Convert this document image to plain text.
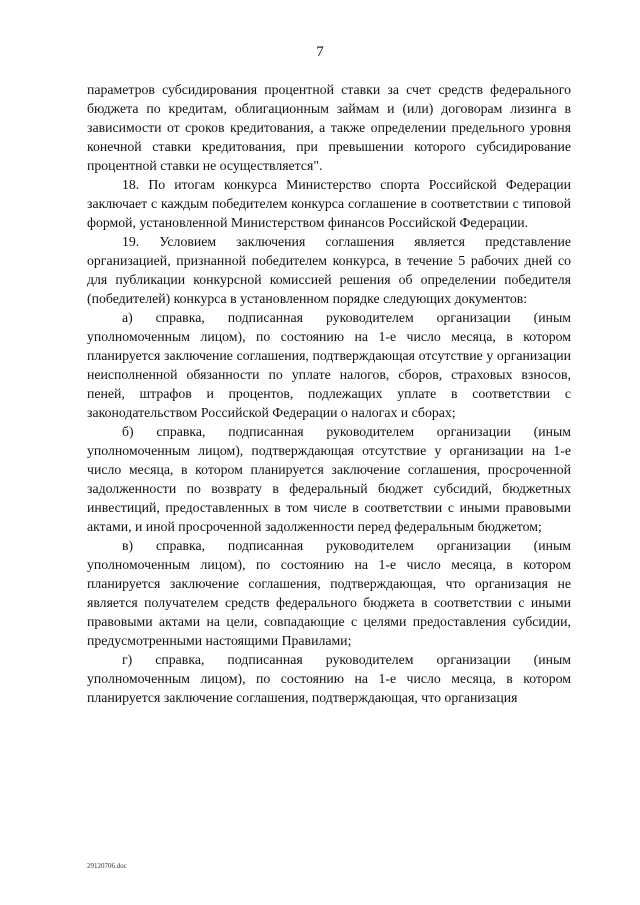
7

параметров субсидирования процентной ставки за счет средств федерального бюджета по кредитам, облигационным займам и (или) договорам лизинга в зависимости от сроков кредитования, а также определении предельного уровня конечной ставки кредитования, при превышении которого субсидирование процентной ставки не осуществляется".

18. По итогам конкурса Министерство спорта Российской Федерации заключает с каждым победителем конкурса соглашение в соответствии с типовой формой, установленной Министерством финансов Российской Федерации.

19. Условием заключения соглашения является представление организацией, признанной победителем конкурса, в течение 5 рабочих дней со для публикации конкурсной комиссией решения об определении победителя (победителей) конкурса в установленном порядке следующих документов:

а) справка, подписанная руководителем организации (иным уполномоченным лицом), по состоянию на 1-е число месяца, в котором планируется заключение соглашения, подтверждающая отсутствие у организации неисполненной обязанности по уплате налогов, сборов, страховых взносов, пеней, штрафов и процентов, подлежащих уплате в соответствии с законодательством Российской Федерации о налогах и сборах;

б) справка, подписанная руководителем организации (иным уполномоченным лицом), подтверждающая отсутствие у организации на 1-е число месяца, в котором планируется заключение соглашения, просроченной задолженности по возврату в федеральный бюджет субсидий, бюджетных инвестиций, предоставленных в том числе в соответствии с иными правовыми актами, и иной просроченной задолженности перед федеральным бюджетом;

в) справка, подписанная руководителем организации (иным уполномоченным лицом), по состоянию на 1-е число месяца, в котором планируется заключение соглашения, подтверждающая, что организация не является получателем средств федерального бюджета в соответствии с иными правовыми актами на цели, совпадающие с целями предоставления субсидии, предусмотренными настоящими Правилами;

г) справка, подписанная руководителем организации (иным уполномоченным лицом), по состоянию на 1-е число месяца, в котором планируется заключение соглашения, подтверждающая, что организация

29120706.doc
